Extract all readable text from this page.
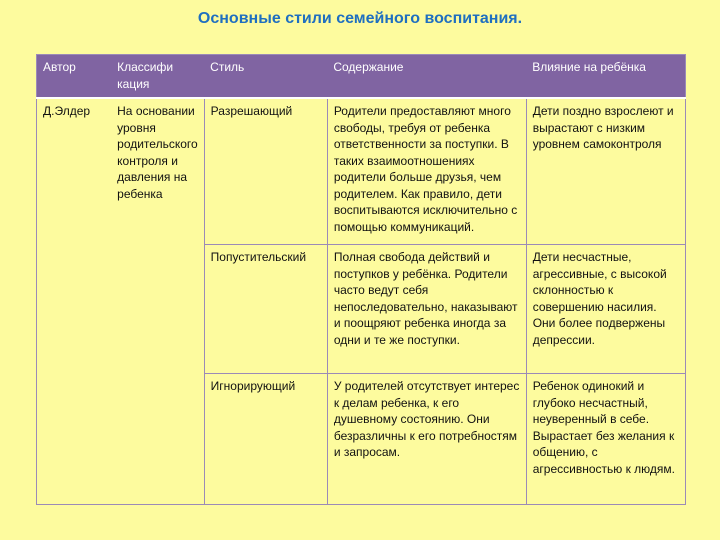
Основные стили семейного воспитания.
Автор	Классифи кация	Стиль	Содержание	Влияние на ребёнка
Д.Элдер	На основании уровня родительского контроля и давления на ребенка	Разрешающий	Родители предоставляют много свободы, требуя от ребенка ответственности за поступки. В таких взаимоотношениях родители больше друзья, чем родителем. Как правило, дети воспитываются исключительно с помощью коммуникаций.	Дети поздно взрослеют и вырастают с низким уровнем самоконтроля
		Попустительский	Полная свобода действий и поступков у ребёнка. Родители часто ведут себя непоследовательно, наказывают и поощряют ребенка иногда за одни и те же поступки.	Дети несчастные, агрессивные, с высокой склонностью к совершению насилия. Они более подвержены депрессии.
		Игнорирующий	У родителей отсутствует интерес к делам ребенка, к его душевному состоянию. Они безразличны к его потребностям и запросам.	Ребенок одинокий и глубоко несчастный, неуверенный в себе. Вырастает без желания к общению, с агрессивностью к людям.
